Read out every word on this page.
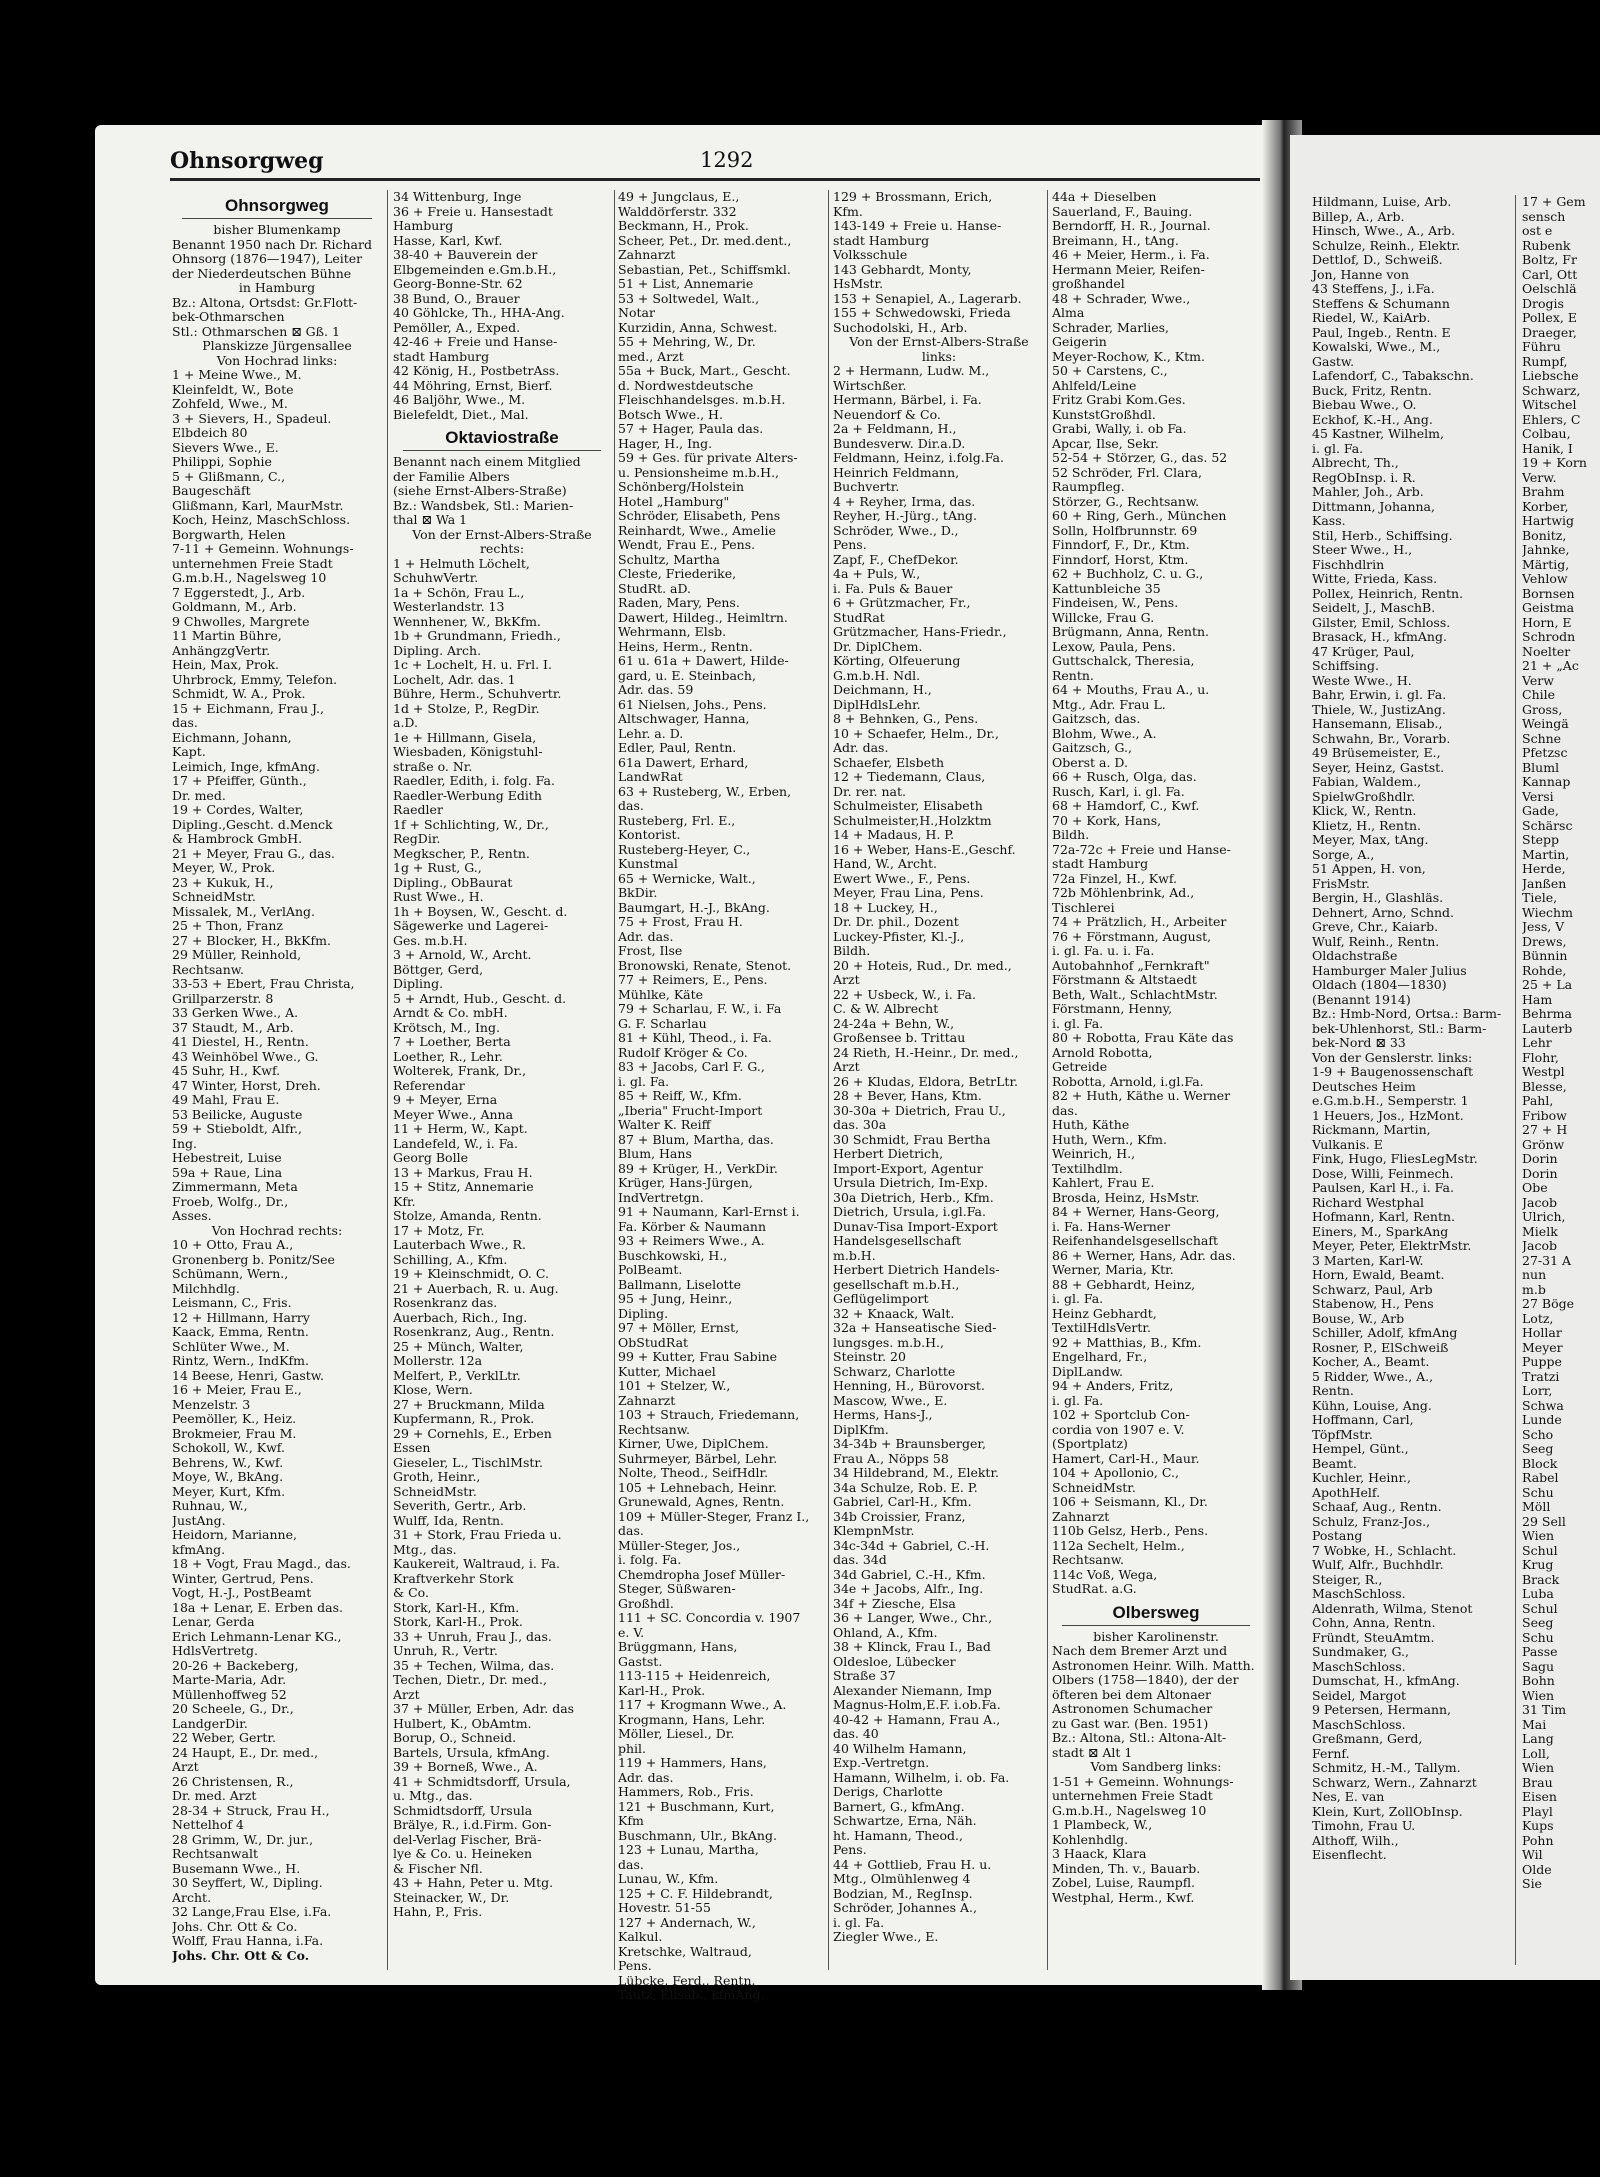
Ohnsorgweg	1292
Ohnsorgweg
bisher Blumenkamp
Benannt 1950 nach Dr. Richard
Ohnsorg (1876—1947), Leiter
der Niederdeutschen Bühne
in Hamburg
Bz.: Altona, Ortsdst: Gr.Flott-
bek-Othmarschen
Stl.: Othmarschen ⊠ Gß. 1
Planskizze Jürgensallee
Von Hochrad links:
1 + Meine Wwe., M.
Kleinfeldt, W., Bote
Zohfeld, Wwe., M.
3 + Sievers, H., Spadeul.
Elbdeich 80
Sievers Wwe., E.
Philippi, Sophie
5 + Glißmann, C.,
Baugeschäft
Glißmann, Karl, MaurMstr.
Koch, Heinz, MaschSchloss.
Borgwarth, Helen
7-11 + Gemeinn. Wohnungs-
unternehmen Freie Stadt
G.m.b.H., Nagelsweg 10
7 Eggerstedt, J., Arb.
Goldmann, M., Arb.
9 Chwolles, Margrete
11 Martin Bühre,
AnhängzgVertr.
Hein, Max, Prok.
Uhrbrock, Emmy, Telefon.
Schmidt, W. A., Prok.
15 + Eichmann, Frau J.,
das.
Eichmann, Johann,
Kapt.
Leimich, Inge, kfmAng.
17 + Pfeiffer, Günth.,
Dr. med.
19 + Cordes, Walter,
Dipling.,Gescht. d.Menck
& Hambrock GmbH.
21 + Meyer, Frau G., das.
Meyer, W., Prok.
23 + Kukuk, H.,
SchneidMstr.
Missalek, M., VerlAng.
25 + Thon, Franz
27 + Blocker, H., BkKfm.
29 Müller, Reinhold,
Rechtsanw.
33-53 + Ebert, Frau Christa,
Grillparzerstr. 8
33 Gerken Wwe., A.
37 Staudt, M., Arb.
41 Diestel, H., Rentn.
43 Weinhöbel Wwe., G.
45 Suhr, H., Kwf.
47 Winter, Horst, Dreh.
49 Mahl, Frau E.
53 Beilicke, Auguste
59 + Stieboldt, Alfr.,
Ing.
Hebestreit, Luise
59a + Raue, Lina
Zimmermann, Meta
Froeb, Wolfg., Dr.,
Asses.
Von Hochrad rechts:
10 + Otto, Frau A.,
Gronenberg b. Ponitz/See
Schümann, Wern.,
Milchhdlg.
Leismann, C., Fris.
12 + Hillmann, Harry
Kaack, Emma, Rentn.
Schlüter Wwe., M.
Rintz, Wern., IndKfm.
14 Beese, Henri, Gastw.
16 + Meier, Frau E.,
Menzelstr. 3
Peemöller, K., Heiz.
Brokmeier, Frau M.
Schokoll, W., Kwf.
Behrens, W., Kwf.
Moye, W., BkAng.
Meyer, Kurt, Kfm.
Ruhnau, W.,
JustAng.
Heidorn, Marianne,
kfmAng.
18 + Vogt, Frau Magd., das.
Winter, Gertrud, Pens.
Vogt, H.-J., PostBeamt
18a + Lenar, E. Erben das.
Lenar, Gerda
Erich Lehmann-Lenar KG.,
HdlsVertretg.
20-26 + Backeberg,
Marte-Maria, Adr.
Müllenhoffweg 52
20 Scheele, G., Dr.,
LandgerDir.
22 Weber, Gertr.
24 Haupt, E., Dr. med.,
Arzt
26 Christensen, R.,
Dr. med. Arzt
28-34 + Struck, Frau H.,
Nettelhof 4
28 Grimm, W., Dr. jur.,
Rechtsanwalt
Busemann Wwe., H.
30 Seyffert, W., Dipling.
Archt.
32 Lange,Frau Else, i.Fa.
Johs. Chr. Ott & Co.
Wolff, Frau Hanna, i.Fa.
Johs. Chr. Ott & Co.
34 Wittenburg, Inge
36 + Freie u. Hansestadt
Hamburg
Hasse, Karl, Kwf.
38-40 + Bauverein der
Elbgemeinden e.Gm.b.H.,
Georg-Bonne-Str. 62
38 Bund, O., Brauer
40 Göhlcke, Th., HHA-Ang.
Pemöller, A., Exped.
42-46 + Freie und Hanse-
stadt Hamburg
42 König, H., PostbetrAss.
44 Möhring, Ernst, Bierf.
46 Baljöhr, Wwe., M.
Bielefeldt, Diet., Mal.
Oktaviostraße
Benannt nach einem Mitglied
der Familie Albers
(siehe Ernst-Albers-Straße)
Bz.: Wandsbek, Stl.: Marien-
thal ⊠ Wa 1
Von der Ernst-Albers-Straße
rechts:
1 + Helmuth Löchelt,
SchuhwVertr.
1a + Schön, Frau L.,
Westerlandstr. 13
Wennhener, W., BkKfm.
1b + Grundmann, Friedh.,
Dipling. Arch.
1c + Lochelt, H. u. Frl. I.
Lochelt, Adr. das. 1
Bühre, Herm., Schuhvertr.
1d + Stolze, P., RegDir.
a.D.
1e + Hillmann, Gisela,
Wiesbaden, Königstuhl-
straße o. Nr.
Raedler, Edith, i. folg. Fa.
Raedler-Werbung Edith
Raedler
1f + Schlichting, W., Dr.,
RegDir.
Megkscher, P., Rentn.
1g + Rust, G.,
Dipling., ObBaurat
Rust Wwe., H.
1h + Boysen, W., Gescht. d.
Sägewerke und Lagerei-
Ges. m.b.H.
3 + Arnold, W., Archt.
Böttger, Gerd,
Dipling.
5 + Arndt, Hub., Gescht. d.
Arndt & Co. mbH.
Krötsch, M., Ing.
7 + Loether, Berta
Loether, R., Lehr.
Wolterek, Frank, Dr.,
Referendar
9 + Meyer, Erna
Meyer Wwe., Anna
11 + Herm, W., Kapt.
Landefeld, W., i. Fa.
Georg Bolle
13 + Markus, Frau H.
15 + Stitz, Annemarie
Kfr.
Stolze, Amanda, Rentn.
17 + Motz, Fr.
Lauterbach Wwe., R.
Schilling, A., Kfm.
19 + Kleinschmidt, O. C.
21 + Auerbach, R. u. Aug.
Rosenkranz das.
Auerbach, Rich., Ing.
Rosenkranz, Aug., Rentn.
25 + Münch, Walter,
Mollerstr. 12a
Melfert, P., VerklLtr.
Klose, Wern.
27 + Bruckmann, Milda
Kupfermann, R., Prok.
29 + Cornehls, E., Erben
Essen
Gieseler, L., TischlMstr.
Groth, Heinr.,
SchneidMstr.
Severith, Gertr., Arb.
Wulff, Ida, Rentn.
31 + Stork, Frau Frieda u.
Mtg., das.
Kaukereit, Waltraud, i. Fa.
Kraftverkehr Stork
& Co.
Stork, Karl-H., Kfm.
Stork, Karl-H., Prok.
33 + Unruh, Frau J., das.
Unruh, R., Vertr.
35 + Techen, Wilma, das.
Techen, Dietr., Dr. med.,
Arzt
37 + Müller, Erben, Adr. das
Hulbert, K., ObAmtm.
Borup, O., Schneid.
Bartels, Ursula, kfmAng.
39 + Borneß, Wwe., A.
41 + Schmidtsdorff, Ursula,
u. Mtg., das.
Schmidtsdorff, Ursula
Brälye, R., i.d.Firm. Gon-
del-Verlag Fischer, Brä-
lye & Co. u. Heineken
& Fischer Nfl.
43 + Hahn, Peter u. Mtg.
Steinacker, W., Dr.
Hahn, P., Fris.
49 + Jungclaus, E.,
Walddörferstr. 332
Beckmann, H., Prok.
Scheer, Pet., Dr. med.dent.,
Zahnarzt
Sebastian, Pet., Schiffsmkl.
51 + List, Annemarie
53 + Soltwedel, Walt.,
Notar
Kurzidin, Anna, Schwest.
55 + Mehring, W., Dr.
med., Arzt
55a + Buck, Mart., Gescht.
d. Nordwestdeutsche
Fleischhandelsges. m.b.H.
Botsch Wwe., H.
57 + Hager, Paula das.
Hager, H., Ing.
59 + Ges. für private Alters-
u. Pensionsheime m.b.H.,
Schönberg/Holstein
Hotel „Hamburg"
Schröder, Elisabeth, Pens
Reinhardt, Wwe., Amelie
Wendt, Frau E., Pens.
Schultz, Martha
Cleste, Friederike,
StudRt. aD.
Raden, Mary, Pens.
Dawert, Hildeg., Heimltrn.
Wehrmann, Elsb.
Heins, Herm., Rentn.
61 u. 61a + Dawert, Hilde-
gard, u. E. Steinbach,
Adr. das. 59
61 Nielsen, Johs., Pens.
Altschwager, Hanna,
Lehr. a. D.
Edler, Paul, Rentn.
61a Dawert, Erhard,
LandwRat
63 + Rusteberg, W., Erben,
das.
Rusteberg, Frl. E.,
Kontorist.
Rusteberg-Heyer, C.,
Kunstmal
65 + Wernicke, Walt.,
BkDir.
Baumgart, H.-J., BkAng.
75 + Frost, Frau H.
Adr. das.
Frost, Ilse
Bronowski, Renate, Stenot.
77 + Reimers, E., Pens.
Mühlke, Käte
79 + Scharlau, F. W., i. Fa
G. F. Scharlau
81 + Kühl, Theod., i. Fa.
Rudolf Kröger & Co.
83 + Jacobs, Carl F. G.,
i. gl. Fa.
85 + Reiff, W., Kfm.
„Iberia" Frucht-Import
Walter K. Reiff
87 + Blum, Martha, das.
Blum, Hans
89 + Krüger, H., VerkDir.
Krüger, Hans-Jürgen,
IndVertretgn.
91 + Naumann, Karl-Ernst i.
Fa. Körber & Naumann
93 + Reimers Wwe., A.
Buschkowski, H.,
PolBeamt.
Ballmann, Liselotte
95 + Jung, Heinr.,
Dipling.
97 + Möller, Ernst,
ObStudRat
99 + Kutter, Frau Sabine
Kutter, Michael
101 + Stelzer, W.,
Zahnarzt
103 + Strauch, Friedemann,
Rechtsanw.
Kirner, Uwe, DiplChem.
Suhrmeyer, Bärbel, Lehr.
Nolte, Theod., SeifHdlr.
105 + Lehnebach, Heinr.
Grunewald, Agnes, Rentn.
109 + Müller-Steger, Franz I.,
das.
Müller-Steger, Jos.,
i. folg. Fa.
Chemdropha Josef Müller-
Steger, Süßwaren-
Großhdl.
111 + SC. Concordia v. 1907
e. V.
Brüggmann, Hans,
Gastst.
113-115 + Heidenreich,
Karl-H., Prok.
117 + Krogmann Wwe., A.
Krogmann, Hans, Lehr.
Möller, Liesel., Dr.
phil.
119 + Hammers, Hans,
Adr. das.
Hammers, Rob., Fris.
121 + Buschmann, Kurt,
Kfm
Buschmann, Ulr., BkAng.
123 + Lunau, Martha,
das.
Lunau, W., Kfm.
125 + C. F. Hildebrandt,
Hovestr. 51-55
127 + Andernach, W.,
Kalkul.
Kretschke, Waltraud,
Pens.
Lübcke, Ferd., Rentn.
Tautz, Elisab., kfmAng.
129 + Brossmann, Erich,
Kfm.
143-149 + Freie u. Hanse-
stadt Hamburg
Volksschule
143 Gebhardt, Monty,
HsMstr.
153 + Senapiel, A., Lagerarb.
155 + Schwedowski, Frieda
Suchodolski, H., Arb.
Von der Ernst-Albers-Straße
links:
2 + Hermann, Ludw. M.,
Wirtschßer.
Hermann, Bärbel, i. Fa.
Neuendorf & Co.
2a + Feldmann, H.,
Bundesverw. Dir.a.D.
Feldmann, Heinz, i.folg.Fa.
Heinrich Feldmann,
Buchvertr.
4 + Reyher, Irma, das.
Reyher, H.-Jürg., tAng.
Schröder, Wwe., D.,
Pens.
Zapf, F., ChefDekor.
4a + Puls, W.,
i. Fa. Puls & Bauer
6 + Grützmacher, Fr.,
StudRat
Grützmacher, Hans-Friedr.,
Dr. DiplChem.
Körting, Olfeuerung
G.m.b.H. Ndl.
Deichmann, H.,
DiplHdlsLehr.
8 + Behnken, G., Pens.
10 + Schaefer, Helm., Dr.,
Adr. das.
Schaefer, Elsbeth
12 + Tiedemann, Claus,
Dr. rer. nat.
Schulmeister, Elisabeth
Schulmeister,H.,Holzktm
14 + Madaus, H. P.
16 + Weber, Hans-E.,Geschf.
Hand, W., Archt.
Ewert Wwe., F., Pens.
Meyer, Frau Lina, Pens.
18 + Luckey, H.,
Dr. Dr. phil., Dozent
Luckey-Pfister, Kl.-J.,
Bildh.
20 + Hoteis, Rud., Dr. med.,
Arzt
22 + Usbeck, W., i. Fa.
C. & W. Albrecht
24-24a + Behn, W.,
Großenseе b. Trittau
24 Rieth, H.-Heinr., Dr. med.,
Arzt
26 + Kludas, Eldora, BetrLtr.
28 + Bever, Hans, Ktm.
30-30a + Dietrich, Frau U.,
das. 30a
30 Schmidt, Frau Bertha
Herbert Dietrich,
Import-Export, Agentur
Ursula Dietrich, Im-Exp.
30a Dietrich, Herb., Kfm.
Dietrich, Ursula, i.gl.Fa.
Dunav-Tisa Import-Export
Handelsgesellschaft
m.b.H.
Herbert Dietrich Handels-
gesellschaft m.b.H.,
Geflügelimport
32 + Knaack, Walt.
32a + Hanseatische Sied-
lungsges. m.b.H.,
Steinstr. 20
Schwarz, Charlotte
Henning, H., Bürovorst.
Mascow, Wwe., E.
Herms, Hans-J.,
DiplKfm.
34-34b + Braunsberger,
Frau A., Nöpps 58
34 Hildebrand, M., Elektr.
34a Schulze, Rob. E. P.
Gabriel, Carl-H., Kfm.
34b Croissier, Franz,
KlempnMstr.
34c-34d + Gabriel, C.-H.
das. 34d
34d Gabriel, C.-H., Kfm.
34e + Jacobs, Alfr., Ing.
34f + Ziesche, Elsa
36 + Langer, Wwe., Chr.,
Ohland, A., Kfm.
38 + Klinck, Frau I., Bad
Oldesloe, Lübecker
Straße 37
Alexander Niemann, Imp
Magnus-Holm,E.F. i.ob.Fa.
40-42 + Hamann, Frau A.,
das. 40
40 Wilhelm Hamann,
Exp.-Vertretgn.
Hamann, Wilhelm, i. ob. Fa.
Derigs, Charlotte
Barnert, G., kfmAng.
Schwartze, Erna, Näh.
ht. Hamann, Theod.,
Pens.
44 + Gottlieb, Frau H. u.
Mtg., Olmühlenweg 4
Bodzian, M., RegInsp.
Schröder, Johannes A.,
i. gl. Fa.
Ziegler Wwe., E.
44a + Dieselben
Sauerland, F., Bauing.
Berndorff, H. R., Journal.
Breimann, H., tAng.
46 + Meier, Herm., i. Fa.
Hermann Meier, Reifen-
großhandel
48 + Schrader, Wwe.,
Alma
Schrader, Marlies,
Geigerin
Meyer-Rochow, K., Ktm.
50 + Carstens, C.,
Ahlfeld/Leine
Fritz Grabi Kom.Ges.
KunststGroßhdl.
Grabi, Wally, i. ob Fa.
Apcar, Ilse, Sekr.
52-54 + Störzer, G., das. 52
52 Schröder, Frl. Clara,
Raumpfleg.
Störzer, G., Rechtsanw.
60 + Ring, Gerh., München
Solln, Holfbrunnstr. 69
Finndorf, F., Dr., Ktm.
Finndorf, Horst, Ktm.
62 + Buchholz, C. u. G.,
Kattunbleiche 35
Findeisen, W., Pens.
Willcke, Frau G.
Brügmann, Anna, Rentn.
Lexow, Paula, Pens.
Guttschalck, Theresia,
Rentn.
64 + Mouths, Frau A., u.
Mtg., Adr. Frau L.
Gaitzsch, das.
Blohm, Wwe., A.
Gaitzsch, G.,
Oberst a. D.
66 + Rusch, Olga, das.
Rusch, Karl, i. gl. Fa.
68 + Hamdorf, C., Kwf.
70 + Kork, Hans,
Bildh.
72a-72c + Freie und Hanse-
stadt Hamburg
72a Finzel, H., Kwf.
72b Möhlenbrink, Ad.,
Tischlerei
74 + Prätzlich, H., Arbeiter
76 + Förstmann, August,
i. gl. Fa. u. i. Fa.
Autobahnhof „Fernkraft"
Förstmann & Altstaedt
Beth, Walt., SchlachtMstr.
Förstmann, Henny,
i. gl. Fa.
80 + Robotta, Frau Käte das
Arnold Robotta,
Getreide
Robotta, Arnold, i.gl.Fa.
82 + Huth, Käthe u. Werner
das.
Huth, Käthe
Huth, Wern., Kfm.
Weinrich, H.,
Textilhdlm.
Kahlert, Frau E.
Brosda, Heinz, HsMstr.
84 + Werner, Hans-Georg,
i. Fa. Hans-Werner
Reifenhandelsgesellschaft
86 + Werner, Hans, Adr. das.
Werner, Maria, Ktr.
88 + Gebhardt, Heinz,
i. gl. Fa.
Heinz Gebhardt,
TextilHdlsVertr.
92 + Matthias, B., Kfm.
Engelhard, Fr.,
DiplLandw.
94 + Anders, Fritz,
i. gl. Fa.
102 + Sportclub Con-
cordia von 1907 e. V.
(Sportplatz)
Hamert, Carl-H., Maur.
104 + Apollonio, C.,
SchneidMstr.
106 + Seismann, Kl., Dr.
Zahnarzt
110b Gelsz, Herb., Pens.
112a Sechelt, Helm.,
Rechtsanw.
114c Voß, Wega,
StudRat. a.G.
Olbersweg
bisher Karolinenstr.
Nach dem Bremer Arzt und
Astronomen Heinr. Wilh. Matth.
Olbers (1758—1840), der der
öfteren bei dem Altonaer
Astronomen Schumacher
zu Gast war. (Ben. 1951)
Bz.: Altona, Stl.: Altona-Alt-
stadt ⊠ Alt 1
Vom Sandberg links:
1-51 + Gemeinn. Wohnungs-
unternehmen Freie Stadt
G.m.b.H., Nagelsweg 10
1 Plambeck, W.,
Kohlenhdlg.
3 Haack, Klara
Minden, Th. v., Bauarb.
Zobel, Luise, Raumpfl.
Westphal, Herm., Kwf.
Hildmann, Luise, Arb.
Billep, A., Arb.
Hinsch, Wwe., A., Arb.
Schulze, Reinh., Elektr.
Dettlof, D., Schweiß.
Jon, Hanne von
43 Steffens, J., i.Fa.
Steffens & Schumann
Riedel, W., KaiArb.
Paul, Ingeb., Rentn. E
Kowalski, Wwe., M.,
Gastw.
Lafendorf, C., Tabakschn.
Buck, Fritz, Rentn.
Biebau Wwe., O.
Eckhof, K.-H., Ang.
45 Kastner, Wilhelm,
i. gl. Fa.
Albrecht, Th.,
RegObInsp. i. R.
Mahler, Joh., Arb.
Dittmann, Johanna,
Kass.
Stil, Herb., Schiffsing.
Steer Wwe., H.,
Fischhdlrin
Witte, Frieda, Kass.
Pollex, Heinrich, Rentn.
Seidelt, J., MaschB.
Gilster, Emil, Schloss.
Brasack, H., kfmAng.
47 Krüger, Paul,
Schiffsing.
Weste Wwe., H.
Bahr, Erwin, i. gl. Fa.
Thiele, W., JustizAng.
Hansemann, Elisab.,
Schwahn, Br., Vorarb.
49 Brüsemeister, E.,
Seyer, Heinz, Gastst.
Fabian, Waldem.,
SpielwGroßhdlr.
Klick, W., Rentn.
Klietz, H., Rentn.
Meyer, Max, tAng.
Sorge, A.,
51 Appen, H. von,
FrisMstr.
Bergin, H., Glashläs.
Dehnert, Arno, Schnd.
Greve, Chr., Kaiarb.
Wulf, Reinh., Rentn.
Oldachstraße
Hamburger Maler Julius
Oldach (1804—1830)
(Benannt 1914)
Bz.: Hmb-Nord, Ortsa.: Barm-
bek-Uhlenhorst, Stl.: Barm-
bek-Nord ⊠ 33
Von der Genslerstr. links:
1-9 + Baugenossenschaft
Deutsches Heim
e.G.m.b.H., Semperstr. 1
1 Heuers, Jos., HzMont.
Rickmann, Martin,
Vulkanis. E
Fink, Hugo, FliesLegMstr.
Dose, Willi, Feinmech.
Paulsen, Karl H., i. Fa.
Richard Westphal
Hofmann, Karl, Rentn.
Einers, M., SparkAng
Meyer, Peter, ElektrMstr.
3 Marten, Karl-W.
Horn, Ewald, Beamt.
Schwarz, Paul, Arb
Stabenow, H., Pens
Bouse, W., Arb
Schiller, Adolf, kfmAng
Rosner, P., ElSchweiß
Kocher, A., Beamt.
5 Ridder, Wwe., A.,
Rentn.
Kühn, Louise, Ang.
Hoffmann, Carl,
TöpfMstr.
Hempel, Günt.,
Beamt.
Kuchler, Heinr.,
ApothHelf.
Schaaf, Aug., Rentn.
Schulz, Franz-Jos.,
Postang
7 Wobke, H., Schlacht.
Wulf, Alfr., Buchhdlr.
Steiger, R.,
MaschSchloss.
Aldenrath, Wilma, Stenot
Cohn, Anna, Rentn.
Fründt, SteuAmtm.
Sundmaker, G.,
MaschSchloss.
Dumschat, H., kfmAng.
Seidel, Margot
9 Petersen, Hermann,
MaschSchloss.
Greßmann, Gerd,
Fernf.
Schmitz, H.-M., Tallym.
Schwarz, Wern., Zahnarzt
Nes, E. van
Klein, Kurt, ZollObInsp.
Timohn, Frau U.
Althoff, Wilh.,
Eisenflecht.
17 + Gem
sensch
ost e
Rubenk
Boltz, Fr
Carl, Ott
Oelschlä
Drogis
Pollex, E
Draeger,
Führu
Rumpf,
Liebsche
Schwarz,
Witschel
Ehlers, C
Colbau,
Hanik, I
19 + Korn
Verw.
Brahm
Korber,
Hartwig
Bonitz,
Jahnke,
Märtig,
Vehlow
Bornsen
Geistma
Horn, E
Schrodn
Noelter
21 + „Ac
Verw
Chile
Gross,
Weingä
Schne
Pfetzsc
Bluml
Kannap
Versi
Gade,
Schärsc
Stepp
Martin,
Herde,
Janßen
Tiele,
Wiechm
Jess, V
Drews,
Bünnin
Rohde,
25 + La
Ham
Behrma
Lauterb
Lehr
Flohr,
Westpl
Blesse,
Pahl,
Fribow
27 + H
Grönw
Dorin
Dorin
Obe
Jacob
Ulrich,
Mielk
Jacob
27-31 A
nun
m.b
27 Böge
Lotz,
Hollar
Meyer
Puppe
Tratzi
Lorr,
Schwa
Lunde
Scho
Seeg
Block
Rabel
Schu
Möll
29 Sell
Wien
Schul
Krug
Brack
Luba
Schul
Seeg
Schu
Passe
Sagu
Bohn
Wien
31 Tim
Mai
Lang
Loll,
Wien
Brau
Eisen
Playl
Kups
Pohn
Wil
Olde
Sie
